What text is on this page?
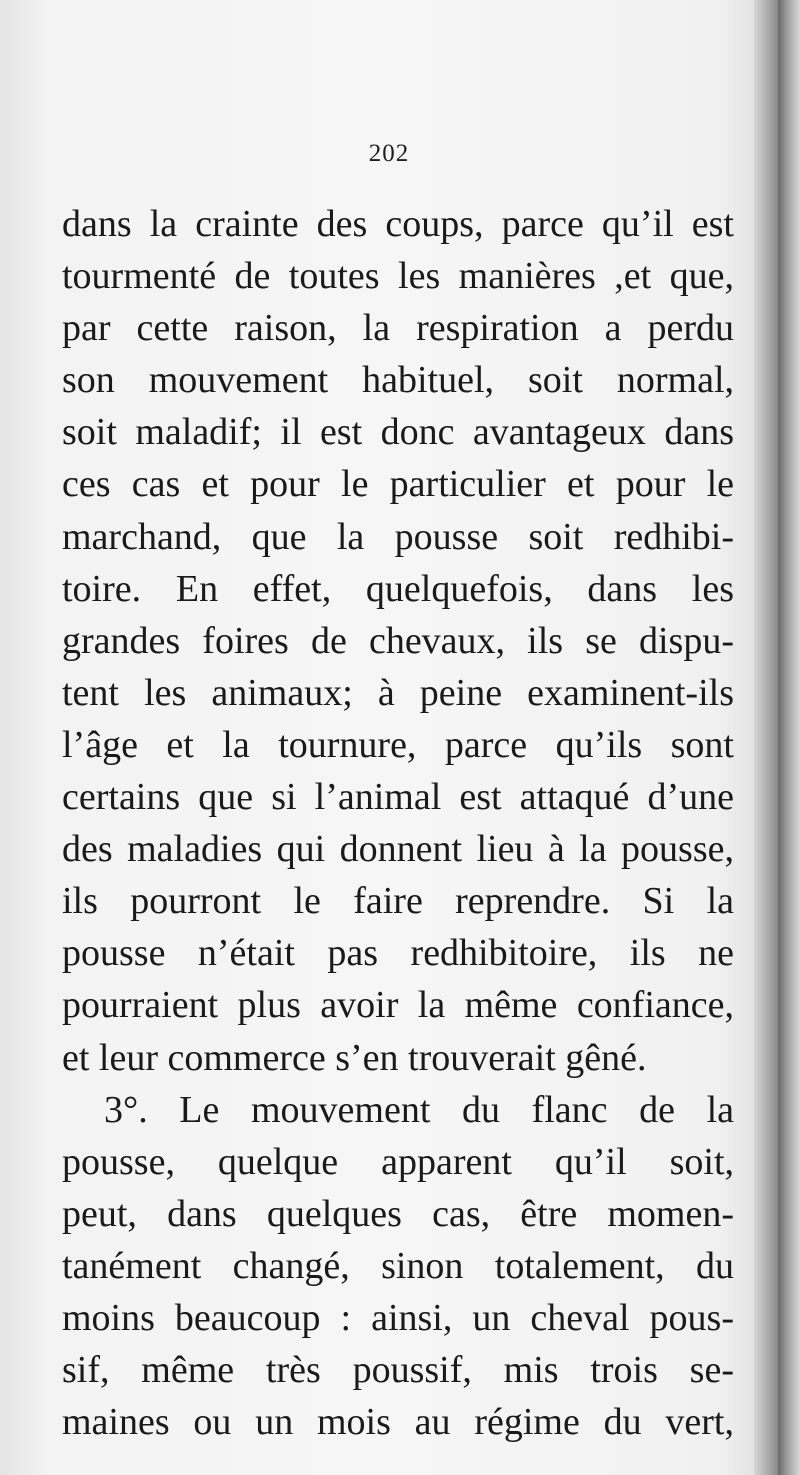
202
dans la crainte des coups, parce qu’il est
tourmenté de toutes les manières ,et que,
par cette raison, la respiration a perdu
son mouvement habituel, soit normal,
soit maladif; il est donc avantageux dans
ces cas et pour le particulier et pour le
marchand, que la pousse soit redhibi-
toire. En effet, quelquefois, dans les
grandes foires de chevaux, ils se dispu-
tent les animaux; à peine examinent-ils
l’âge et la tournure, parce qu’ils sont
certains que si l’animal est attaqué d’une
des maladies qui donnent lieu à la pousse,
ils pourront le faire reprendre. Si la
pousse n’était pas redhibitoire, ils ne
pourraient plus avoir la même confiance,
et leur commerce s’en trouverait gêné.
3°. Le mouvement du flanc de la
pousse, quelque apparent qu’il soit,
peut, dans quelques cas, être momen-
tanément changé, sinon totalement, du
moins beaucoup : ainsi, un cheval pous-
sif, même très poussif, mis trois se-
maines ou un mois au régime du vert,
